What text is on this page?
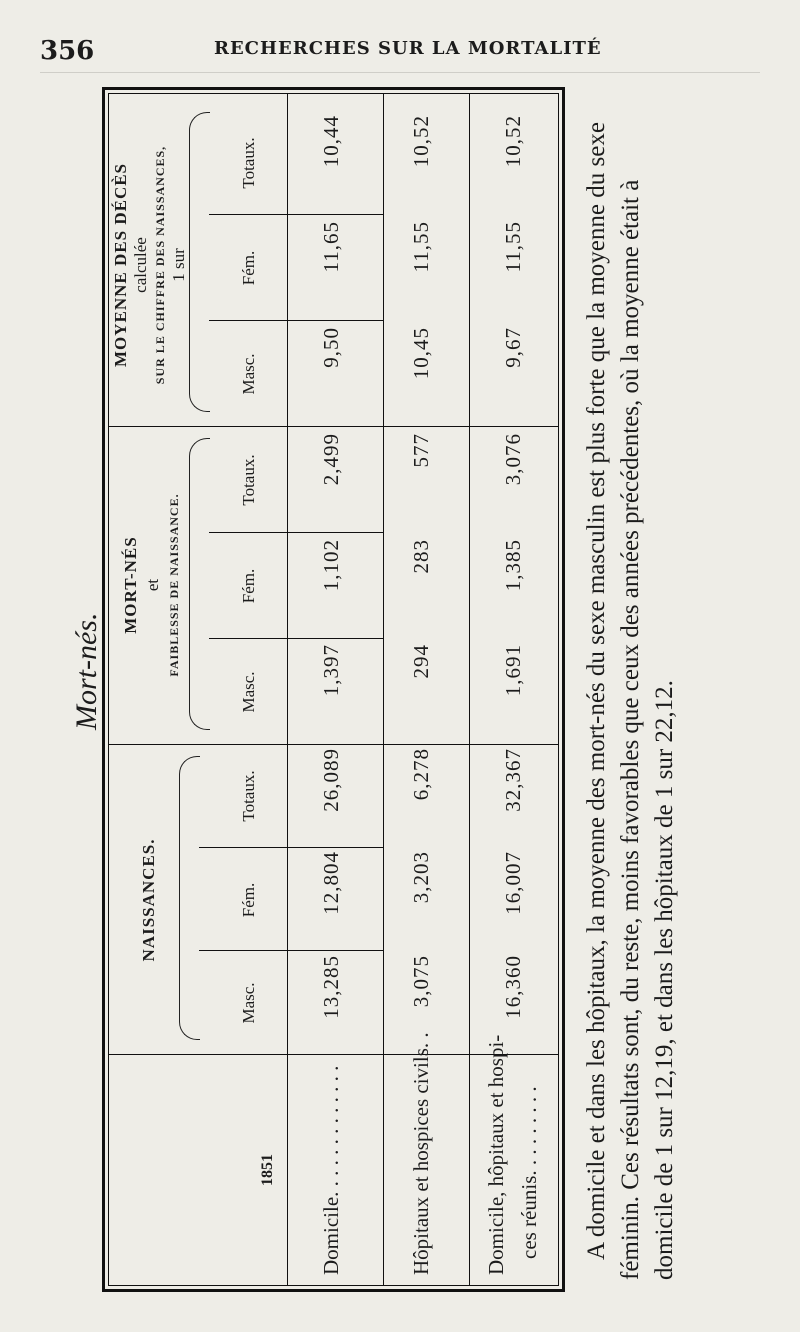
356	RECHERCHES SUR LA MORTALITÉ
Mort-nés.
1851
NAISSANCES.
MORT-NÉS et FAIBLESSE DE NAISSANCE.
MOYENNE DES DÉCÈS calculée SUR LE CHIFFRE DES NAISSANCES, 1 sur
Masc.
Fém.
Totaux.
Masc.
Fém.
Totaux.
Masc.
Fém.
Totaux.
Domicile. . . . . . . . . . . . .
13,285
12,804
26,089
1,397
1,102
2,499
9,50
11,65
10,44
Hôpitaux et hospices civils. .
3,075
3,203
6,278
294
283
577
10,45
11,55
10,52
Domicile, hôpitaux et hospi- ces réunis. . . . . . . . .
16,360
16,007
32,367
1,691
1,385
3,076
9,67
11,55
10,52 A domicile et dans les hôpitaux, la moyenne des mort-nés du sexe masculin est plus forte que la moyenne du sexe féminin. Ces résultats sont, du reste, moins favorables que ceux des années précédentes, où la moyenne était à domicile de 1 sur 12,19, et dans les hôpitaux de 1 sur 22,12.
